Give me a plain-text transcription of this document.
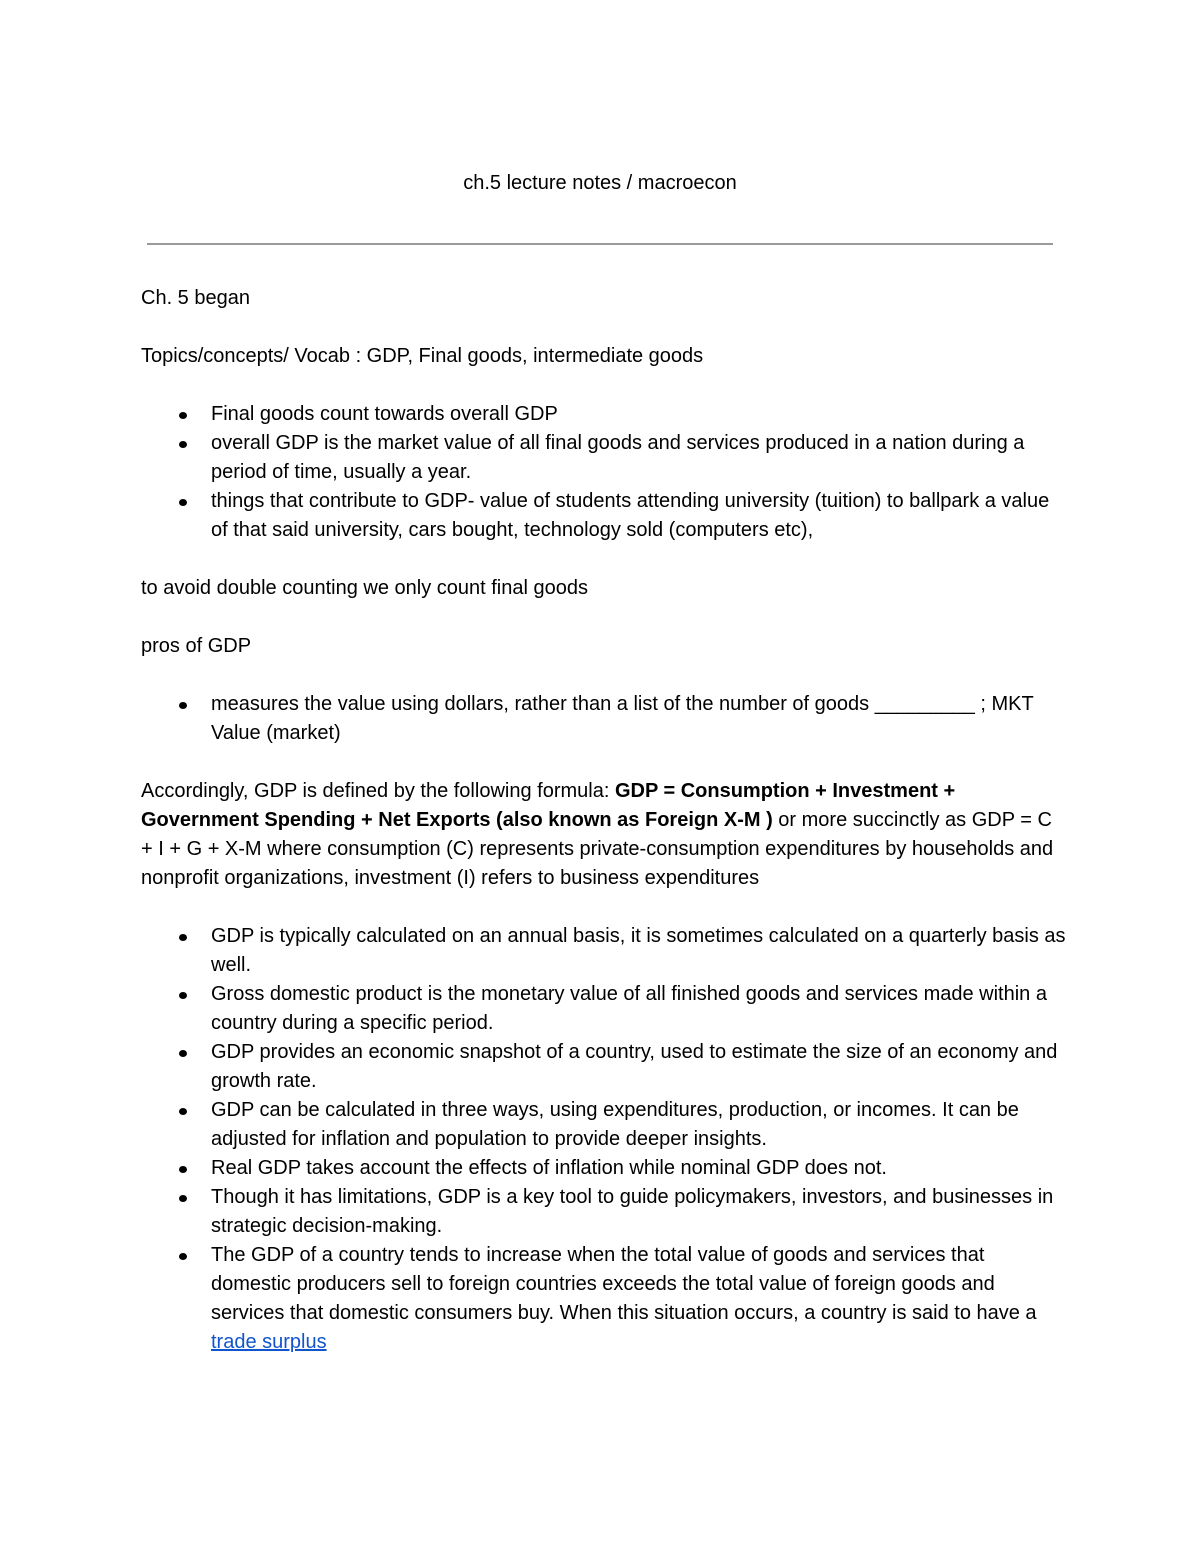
ch.5 lecture notes / macroecon

Ch. 5 began

Topics/concepts/ Vocab : GDP, Final goods, intermediate goods

Final goods count towards overall GDP
overall GDP is the market value of all final goods and services produced in a nation during a period of time, usually a year.
things that contribute to GDP- value of students attending university (tuition) to ballpark a value of that said university, cars bought, technology sold (computers etc),

to avoid double counting we only count final goods

pros of GDP

measures the value using dollars, rather than a list of the number of goods _________ ; MKT Value (market)

Accordingly, GDP is defined by the following formula: GDP = Consumption + Investment + Government Spending + Net Exports (also known as Foreign X-M ) or more succinctly as GDP = C + I + G + X-M where consumption (C) represents private-consumption expenditures by households and nonprofit organizations, investment (I) refers to business expenditures

GDP is typically calculated on an annual basis, it is sometimes calculated on a quarterly basis as well.
Gross domestic product is the monetary value of all finished goods and services made within a country during a specific period.
GDP provides an economic snapshot of a country, used to estimate the size of an economy and growth rate.
GDP can be calculated in three ways, using expenditures, production, or incomes. It can be adjusted for inflation and population to provide deeper insights.
Real GDP takes account the effects of inflation while nominal GDP does not.
Though it has limitations, GDP is a key tool to guide policymakers, investors, and businesses in strategic decision-making.
The GDP of a country tends to increase when the total value of goods and services that domestic producers sell to foreign countries exceeds the total value of foreign goods and services that domestic consumers buy. When this situation occurs, a country is said to have a trade surplus
